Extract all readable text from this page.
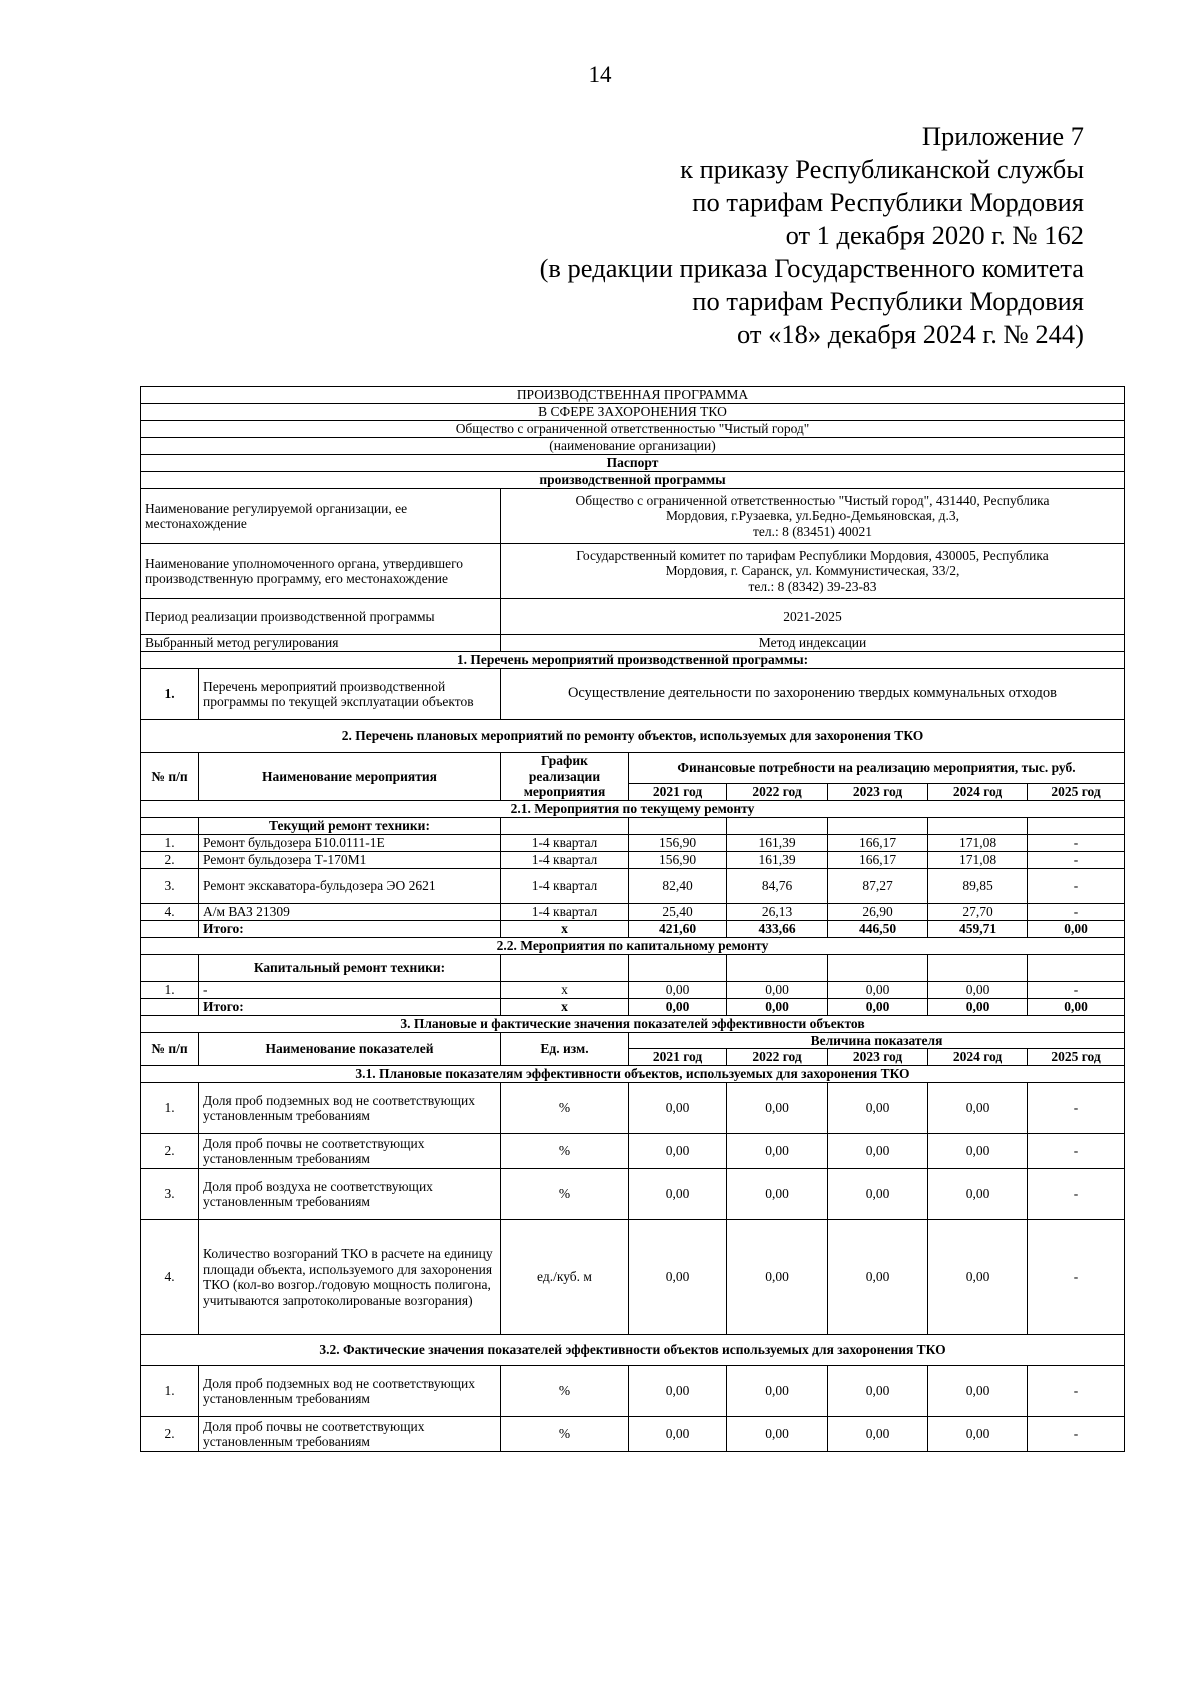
14
Приложение 7
к приказу Республиканской службы
по тарифам Республики Мордовия
от 1 декабря 2020 г. № 162
(в редакции приказа Государственного комитета
по тарифам Республики Мордовия
от «18» декабря 2024 г. № 244)
ПРОИЗВОДСТВЕННАЯ ПРОГРАММА							
В СФЕРЕ ЗАХОРОНЕНИЯ ТКО							
Общество с ограниченной ответственностью "Чистый город"							
(наименование организации)							
Паспорт							
производственной программы							
Наименование регулируемой организации, ее местонахождение		Общество с ограниченной ответственностью "Чистый город", 431440, Республика
Мордовия, г.Рузаевка, ул.Бедно-Демьяновская, д.3,
тел.: 8 (83451) 40021					

Наименование уполномоченного органа, утвердившего производственную программу, его местонахождение		Государственный комитет по тарифам Республики Мордовия, 430005, Республика
Мордовия, г. Саранск, ул. Коммунистическая, 33/2,
тел.: 8 (8342) 39-23-83					

Период реализации производственной программы		2021-2025					
Выбранный метод регулирования		Метод индексации					
1. Перечень мероприятий производственной программы:							
1.	Перечень мероприятий производственной программы по текущей эксплуатации объектов	Осуществление деятельности по захоронению твердых коммунальных отходов					
2. Перечень плановых мероприятий по ремонту объектов, используемых для захоронения ТКО							
№ п/п	Наименование мероприятия	График реализации мероприятия	Финансовые потребности на реализацию мероприятия, тыс. руб.				
			2021 год	2022 год	2023 год	2024 год	2025 год
2.1. Мероприятия по текущему ремонту							
	Текущий ремонт техники:						
1.	Ремонт бульдозера Б10.0111-1Е	1-4 квартал	156,90	161,39	166,17	171,08	-
2.	Ремонт бульдозера Т-170М1	1-4 квартал	156,90	161,39	166,17	171,08	-
3.	Ремонт экскаватора-бульдозера ЭО 2621	1-4 квартал	82,40	84,76	87,27	89,85	-
4.	А/м ВАЗ 21309	1-4 квартал	25,40	26,13	26,90	27,70	-
	Итого:	х	421,60	433,66	446,50	459,71	0,00
2.2. Мероприятия по капитальному ремонту							
	Капитальный ремонт техники:						
1.	-	х	0,00	0,00	0,00	0,00	-
	Итого:	х	0,00	0,00	0,00	0,00	0,00
3. Плановые и фактические значения показателей эффективности объектов							
№ п/п	Наименование показателей	Ед. изм.	Величина показателя				
			2021 год	2022 год	2023 год	2024 год	2025 год
3.1. Плановые показателям эффективности объектов, используемых для захоронения ТКО							
1.	Доля проб подземных вод не соответствующих установленным требованиям	%	0,00	0,00	0,00	0,00	-
2.	Доля проб почвы не соответствующих установленным требованиям	%	0,00	0,00	0,00	0,00	-
3.	Доля проб воздуха не соответствующих установленным требованиям	%	0,00	0,00	0,00	0,00	-
4.	Количество возгораний ТКО в расчете на единицу площади объекта, используемого для захоронения ТКО (кол-во возгор./годовую мощность полигона, учитываются запротоколированые возгорания)	ед./куб. м	0,00	0,00	0,00	0,00	-
3.2. Фактические значения показателей эффективности объектов используемых для захоронения ТКО							
1.	Доля проб подземных вод не соответствующих установленным требованиям	%	0,00	0,00	0,00	0,00	-
2.	Доля проб почвы не соответствующих установленным требованиям	%	0,00	0,00	0,00	0,00	-
